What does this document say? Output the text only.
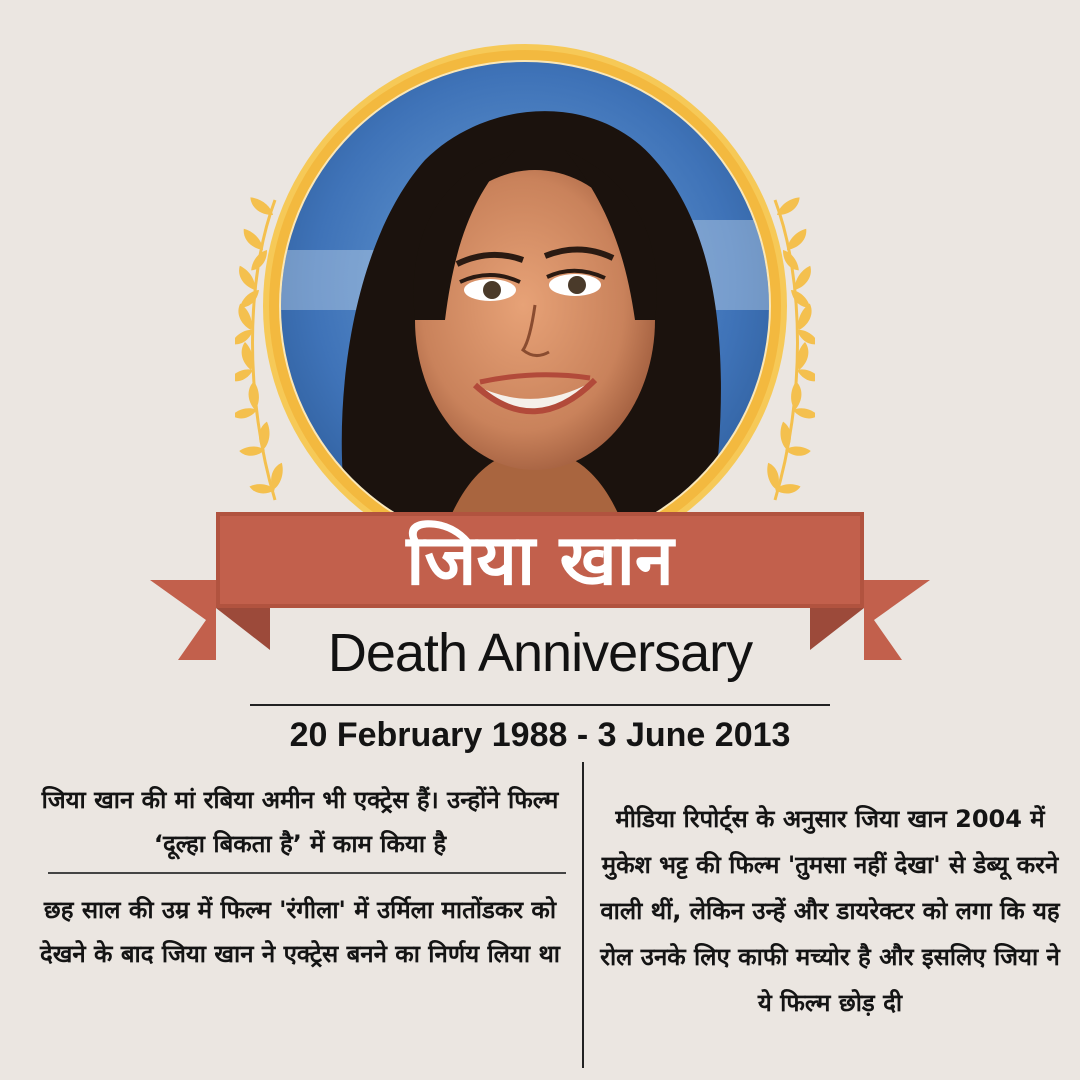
जिया खान
Death Anniversary
20 February 1988 - 3 June 2013
जिया खान की मां रबिया अमीन भी एक्ट्रेस हैं। उन्होंने फिल्म ‘दूल्हा बिकता है’ में काम किया है
छह साल की उम्र में फिल्म 'रंगीला' में उर्मिला मातोंडकर को देखने के बाद जिया खान ने एक्ट्रेस बनने का निर्णय लिया था
मीडिया रिपोर्ट्स के अनुसार जिया खान 2004 में मुकेश भट्ट की फिल्म 'तुमसा नहीं देखा' से डेब्यू करने वाली थीं, लेकिन उन्हें और डायरेक्टर को लगा कि यह रोल उनके लिए काफी मच्योर है और इसलिए जिया ने ये फिल्म छोड़ दी
